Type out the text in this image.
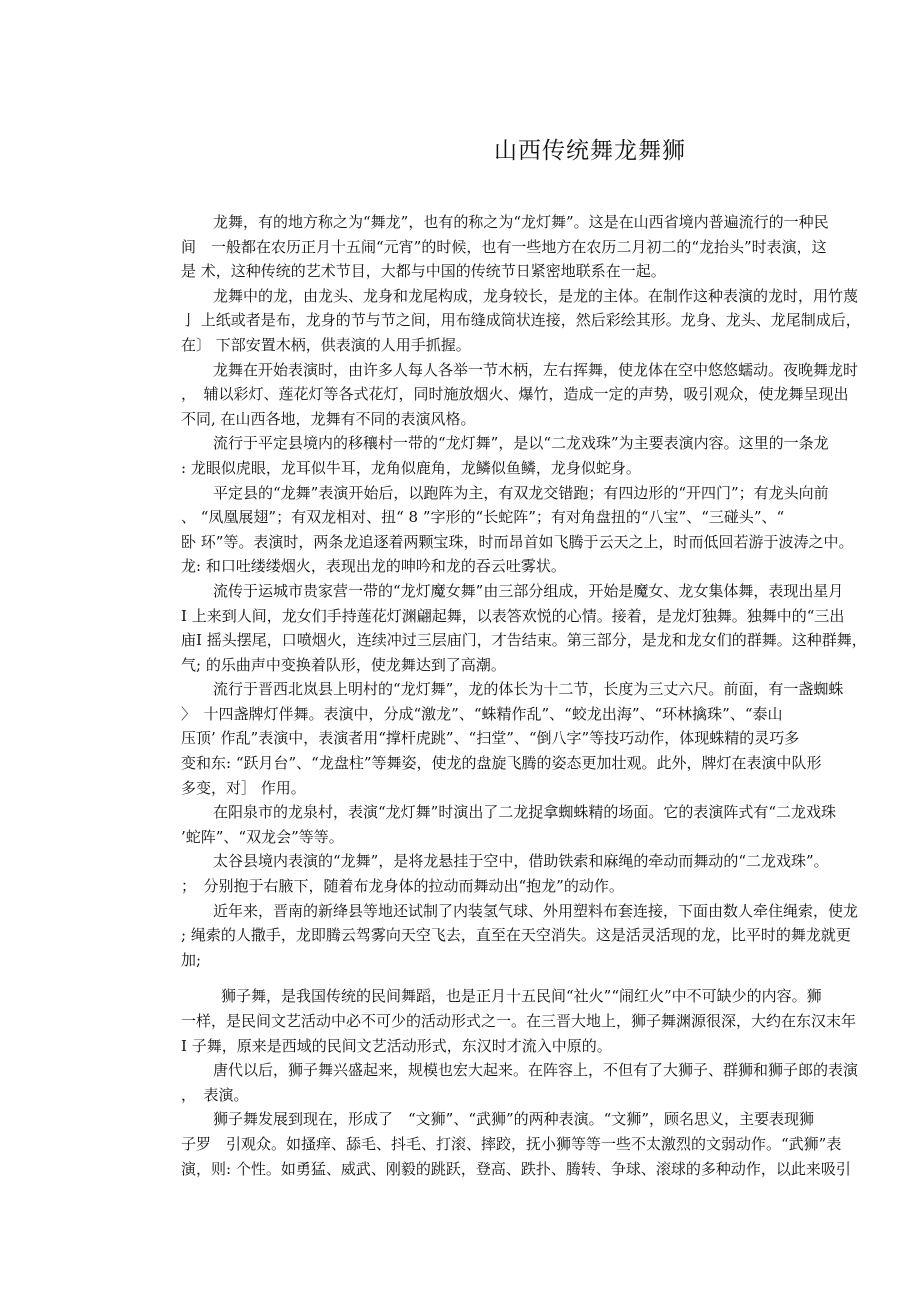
山西传统舞龙舞狮
龙舞，有的地方称之为“舞龙”，也有的称之为“龙灯舞”。这是在山西省境内普遍流行的一种民
间　一般都在农历正月十五闹“元宵”的时候，也有一些地方在农历二月初二的“龙抬头”时表演，这
是 术，这种传统的艺术节目，大都与中国的传统节日紧密地联系在一起。
龙舞中的龙，由龙头、龙身和龙尾构成，龙身较长，是龙的主体。在制作这种表演的龙时，用竹蔑
亅 上纸或者是布，龙身的节与节之间，用布缝成筒状连接，然后彩绘其形。龙身、龙头、龙尾制成后，
在〕 下部安置木柄，供表演的人用手抓握。
龙舞在开始表演时，由许多人每人各举一节木柄，左右挥舞，使龙体在空中悠悠蠕动。夜晚舞龙时
，　辅以彩灯、莲花灯等各式花灯，同时施放烟火、爆竹，造成一定的声势，吸引观众，使龙舞呈现出
不同, 在山西各地，龙舞有不同的表演风格。
流行于平定县境内的移穰村一带的“龙灯舞”，是以“二龙戏珠”为主要表演内容。这里的一条龙
: 龙眼似虎眼，龙耳似牛耳，龙角似鹿角，龙鳞似鱼鳞，龙身似蛇身。
平定县的“龙舞”表演开始后，以跑阵为主，有双龙交错跑；有四边形的“开四门”；有龙头向前
、 “凤凰展翅”；有双龙相对、扭“ 8 ”字形的“长蛇阵”；有对角盘扭的“八宝”、“三碰头”、“
卧 环”等。表演时，两条龙追逐着两颗宝珠，时而昂首如飞腾于云天之上，时而低回若游于波涛之中。
龙: 和口吐缕缕烟火，表现出龙的呻吟和龙的吞云吐雾状。
流传于运城市贵家营一带的“龙灯魔女舞”由三部分组成，开始是魔女、龙女集体舞，表现出星月
I 上来到人间，龙女们手持莲花灯渊翩起舞，以表答欢悦的心情。接着，是龙灯独舞。独舞中的“三出
庙I 摇头摆尾，口喷烟火，连续冲过三层庙门，才告结束。第三部分，是龙和龙女们的群舞。这种群舞，
气; 的乐曲声中变换着队形，使龙舞达到了高潮。
流行于晋西北岚县上明村的“龙灯舞”，龙的体长为十二节，长度为三丈六尺。前面，有一盏蜘蛛
〉　十四盏牌灯伴舞。表演中，分成“激龙”、“蛛精作乱”、“蛟龙出海”、“环林擒珠”、“泰山
压顶’ 作乱”表演中，表演者用“撑杆虎跳”、“扫堂”、“倒八字”等技巧动作，体现蛛精的灵巧多
变和东: “跃月台”、“龙盘柱”等舞姿，使龙的盘旋飞腾的姿态更加壮观。此外，牌灯在表演中队形
多变，对］ 作用。
在阳泉市的龙泉村，表演“龙灯舞”时演出了二龙捉拿蜘蛛精的场面。它的表演阵式有“二龙戏珠
’蛇阵”、“双龙会”等等。
太谷县境内表演的“龙舞”，是将龙悬挂于空中，借助铁索和麻绳的牵动而舞动的“二龙戏珠”。
；　分别抱于右腋下，随着布龙身体的拉动而舞动出“抱龙”的动作。
近年来，晋南的新绛县等地还试制了内装氢气球、外用塑料布套连接，下面由数人牵住绳索，使龙
; 绳索的人撒手，龙即腾云驾雾向天空飞去，直至在天空消失。这是活灵活现的龙，比平时的舞龙就更
加;
狮子舞，是我国传统的民间舞蹈，也是正月十五民间“社火”“闹红火”中不可缺少的内容。狮
一样，是民间文艺活动中必不可少的活动形式之一。在三晋大地上，狮子舞渊源很深，大约在东汉末年
I 子舞，原来是西域的民间文艺活动形式，东汉时才流入中原的。
唐代以后，狮子舞兴盛起来，规模也宏大起来。在阵容上，不但有了大狮子、群狮和狮子郎的表演
，　表演。
狮子舞发展到现在，形成了　“文狮”、“武狮”的两种表演。“文狮”，顾名思义，主要表现狮
子罗　引观众。如搔痒、舔毛、抖毛、打滚、摔跤，抚小狮等等一些不太激烈的文弱动作。“武狮”表
演，则: 个性。如勇猛、威武、刚毅的跳跃，登高、跌扑、腾转、争球、滚球的多种动作，以此来吸引
